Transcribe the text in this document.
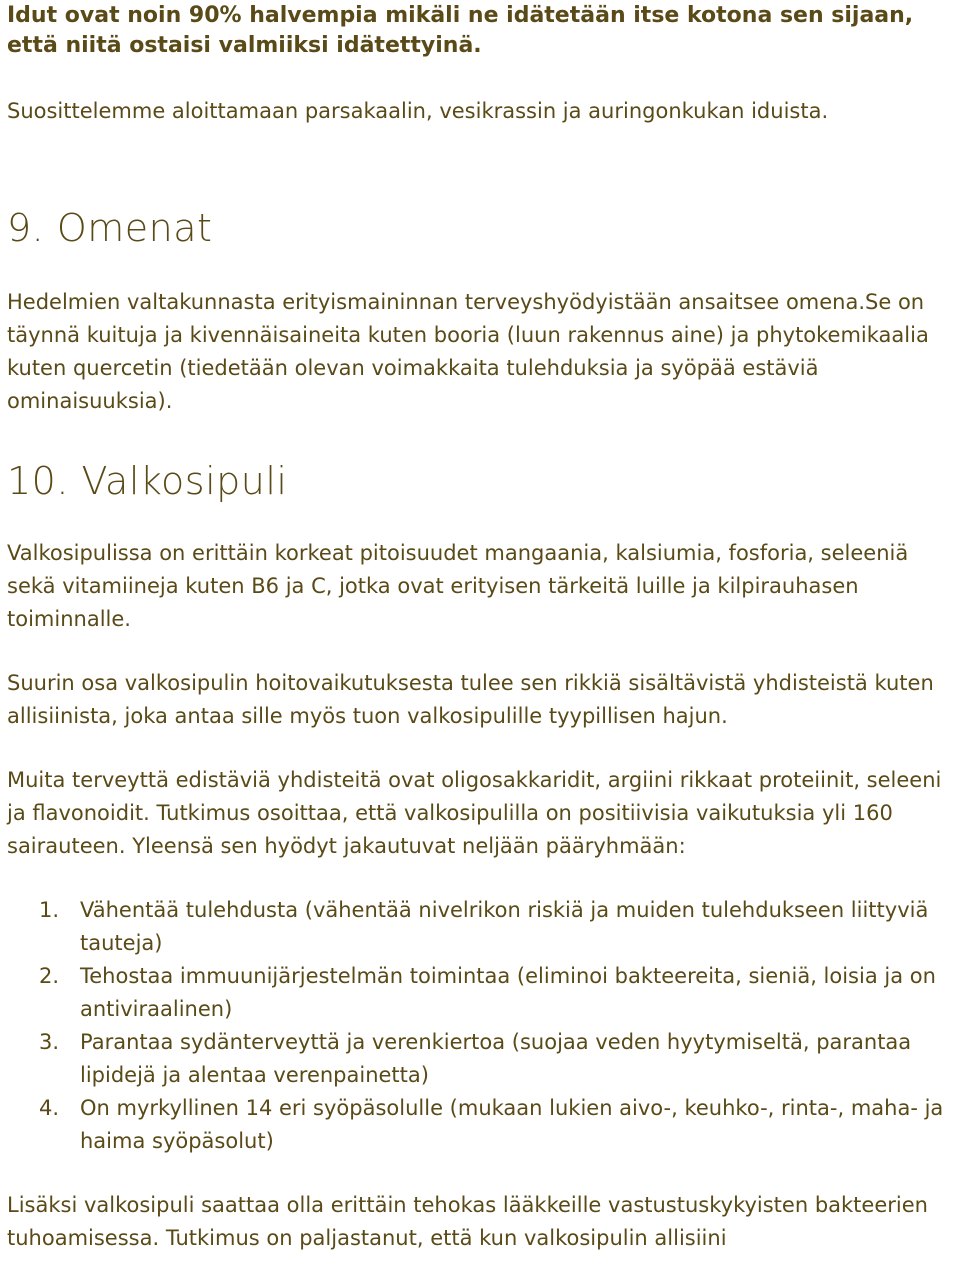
Idut ovat noin 90% halvempia mikäli ne idätetään itse kotona sen sijaan, että niitä ostaisi valmiiksi idätettyinä.

Suosittelemme aloittamaan parsakaalin, vesikrassin ja auringonkukan iduista.

9. Omenat

Hedelmien valtakunnasta erityismaininnan terveyshyödyistään ansaitsee omena.Se on täynnä kuituja ja kivennäisaineita kuten booria (luun rakennus aine) ja phytokemikaalia kuten quercetin (tiedetään olevan voimakkaita tulehduksia ja syöpää estäviä ominaisuuksia).

10. Valkosipuli

Valkosipulissa on erittäin korkeat pitoisuudet mangaania, kalsiumia, fosforia, seleeniä sekä vitamiineja kuten B6 ja C, jotka ovat erityisen tärkeitä luille ja kilpirauhasen toiminnalle.

Suurin osa valkosipulin hoitovaikutuksesta tulee sen rikkiä sisältävistä yhdisteistä kuten allisiinista, joka antaa sille myös tuon valkosipulille tyypillisen hajun.

Muita terveyttä edistäviä yhdisteitä ovat oligosakkaridit, argiini rikkaat proteiinit, seleeni ja flavonoidit. Tutkimus osoittaa, että valkosipulilla on positiivisia vaikutuksia yli 160 sairauteen. Yleensä sen hyödyt jakautuvat neljään pääryhmään:

1. Vähentää tulehdusta (vähentää nivelrikon riskiä ja muiden tulehdukseen liittyviä tauteja)
2. Tehostaa immuunijärjestelmän toimintaa (eliminoi bakteereita, sieniä, loisia ja on antiviraalinen)
3. Parantaa sydänterveyttä ja verenkiertoa (suojaa veden hyytymiseltä, parantaa lipidejä ja alentaa verenpainetta)
4. On myrkyllinen 14 eri syöpäsolulle (mukaan lukien aivo-, keuhko-, rinta-, maha- ja haima syöpäsolut)

Lisäksi valkosipuli saattaa olla erittäin tehokas lääkkeille vastustuskykyisten bakteerien tuhoamisessa. Tutkimus on paljastanut, että kun valkosipulin allisiini
